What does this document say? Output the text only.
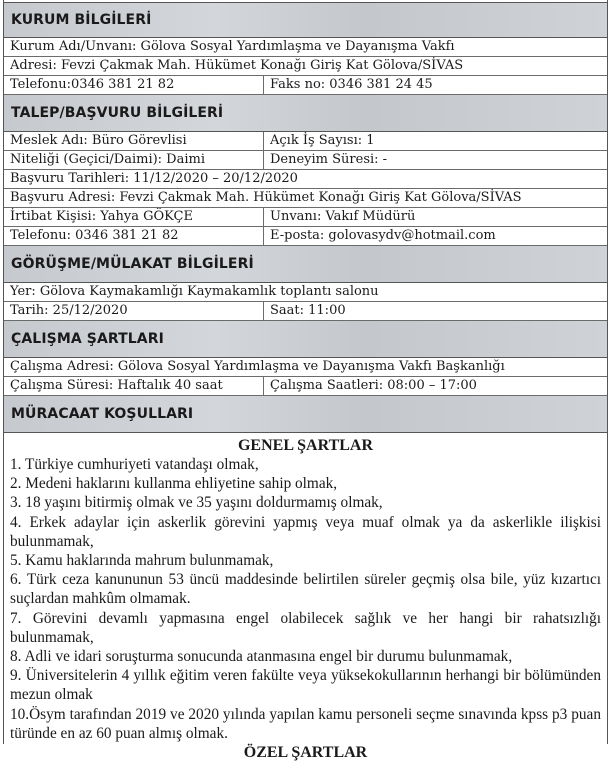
KURUM BİLGİLERİ
Kurum Adı/Unvanı: Gölova Sosyal Yardımlaşma ve Dayanışma Vakfı
Adresi: Fevzi Çakmak Mah. Hükümet Konağı Giriş Kat Gölova/SİVAS
Telefonu:0346 381 21 82	Faks no: 0346 381 24 45
TALEP/BAŞVURU BİLGİLERİ
Meslek Adı: Büro Görevlisi	Açık İş Sayısı: 1
Niteliği (Geçici/Daimi): Daimi	Deneyim Süresi: -
Başvuru Tarihleri: 11/12/2020 – 20/12/2020
Başvuru Adresi: Fevzi Çakmak Mah. Hükümet Konağı Giriş Kat Gölova/SİVAS
İrtibat Kişisi: Yahya GÖKÇE	Unvanı: Vakıf Müdürü
Telefonu: 0346 381 21 82	E-posta: golovasydv@hotmail.com
GÖRÜŞME/MÜLAKAT BİLGİLERİ
Yer: Gölova Kaymakamlığı Kaymakamlık toplantı salonu
Tarih: 25/12/2020	Saat: 11:00
ÇALIŞMA ŞARTLARI
Çalışma Adresi: Gölova Sosyal Yardımlaşma ve Dayanışma Vakfı Başkanlığı
Çalışma Süresi: Haftalık 40 saat	Çalışma Saatleri: 08:00 – 17:00
MÜRACAAT KOŞULLARI
GENEL ŞARTLAR

1. Türkiye cumhuriyeti vatandaşı olmak,

2. Medeni haklarını kullanma ehliyetine sahip olmak,

3. 18 yaşını bitirmiş olmak ve 35 yaşını doldurmamış olmak,

4. Erkek adaylar için askerlik görevini yapmış veya muaf olmak ya da askerlikle ilişkisi bulunmamak,

5. Kamu haklarında mahrum bulunmamak,

6. Türk ceza kanununun 53 üncü maddesinde belirtilen süreler geçmiş olsa bile, yüz kızartıcı suçlardan mahkûm olmamak.

7. Görevini devamlı yapmasına engel olabilecek sağlık ve her hangi bir rahatsızlığı bulunmamak,

8. Adli ve idari soruşturma sonucunda atanmasına engel bir durumu bulunmamak,

9. Üniversitelerin 4 yıllık eğitim veren fakülte veya yüksekokullarının herhangi bir bölümünden mezun olmak

10.Ösym tarafından 2019 ve 2020 yılında yapılan kamu personeli seçme sınavında kpss p3 puan türünde en az 60 puan almış olmak.

ÖZEL ŞARTLAR
